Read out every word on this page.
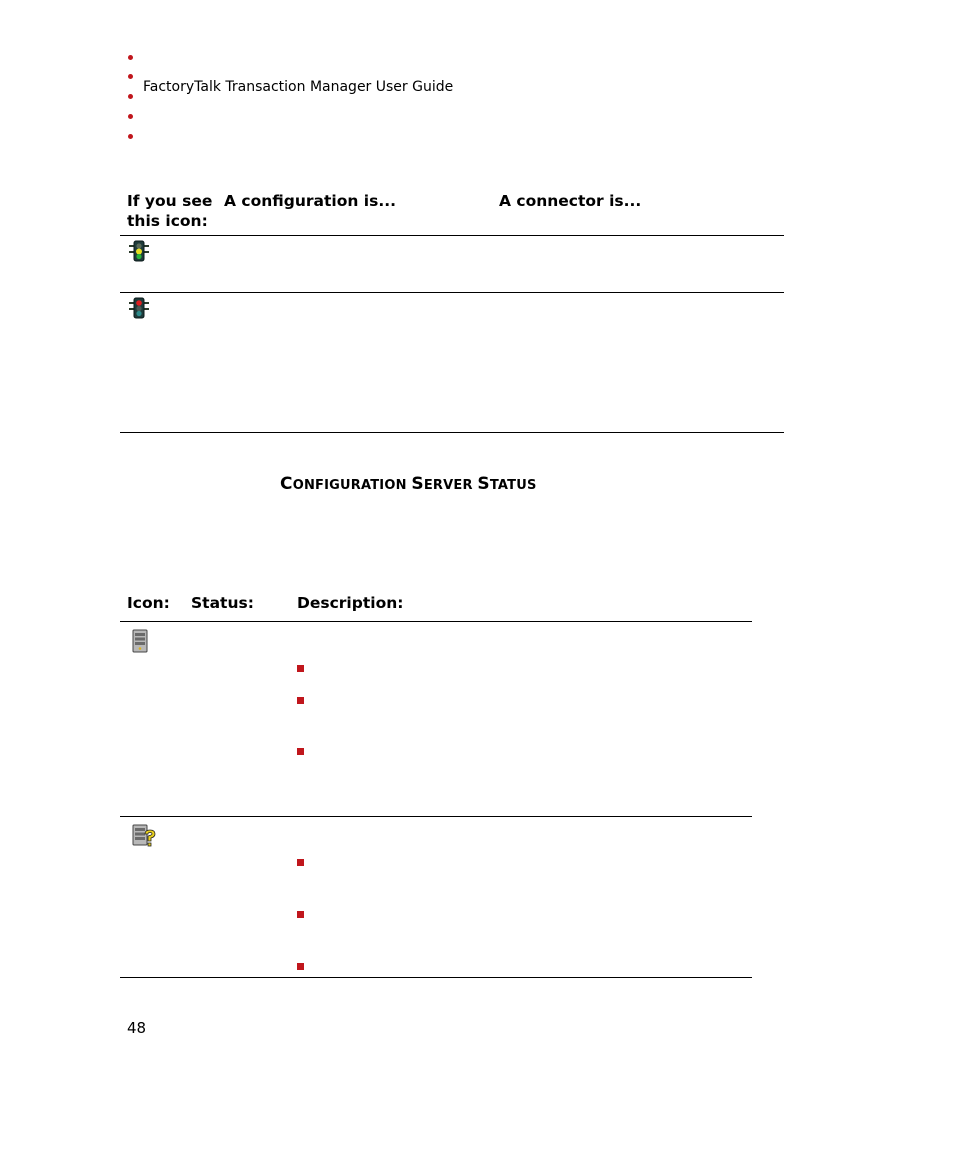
FactoryTalk Transaction Manager User Guide
If you see
this icon:
A configuration is...	A connector is...
CONFIGURATION SERVER STATUS
Icon: Status:	Description:
48
